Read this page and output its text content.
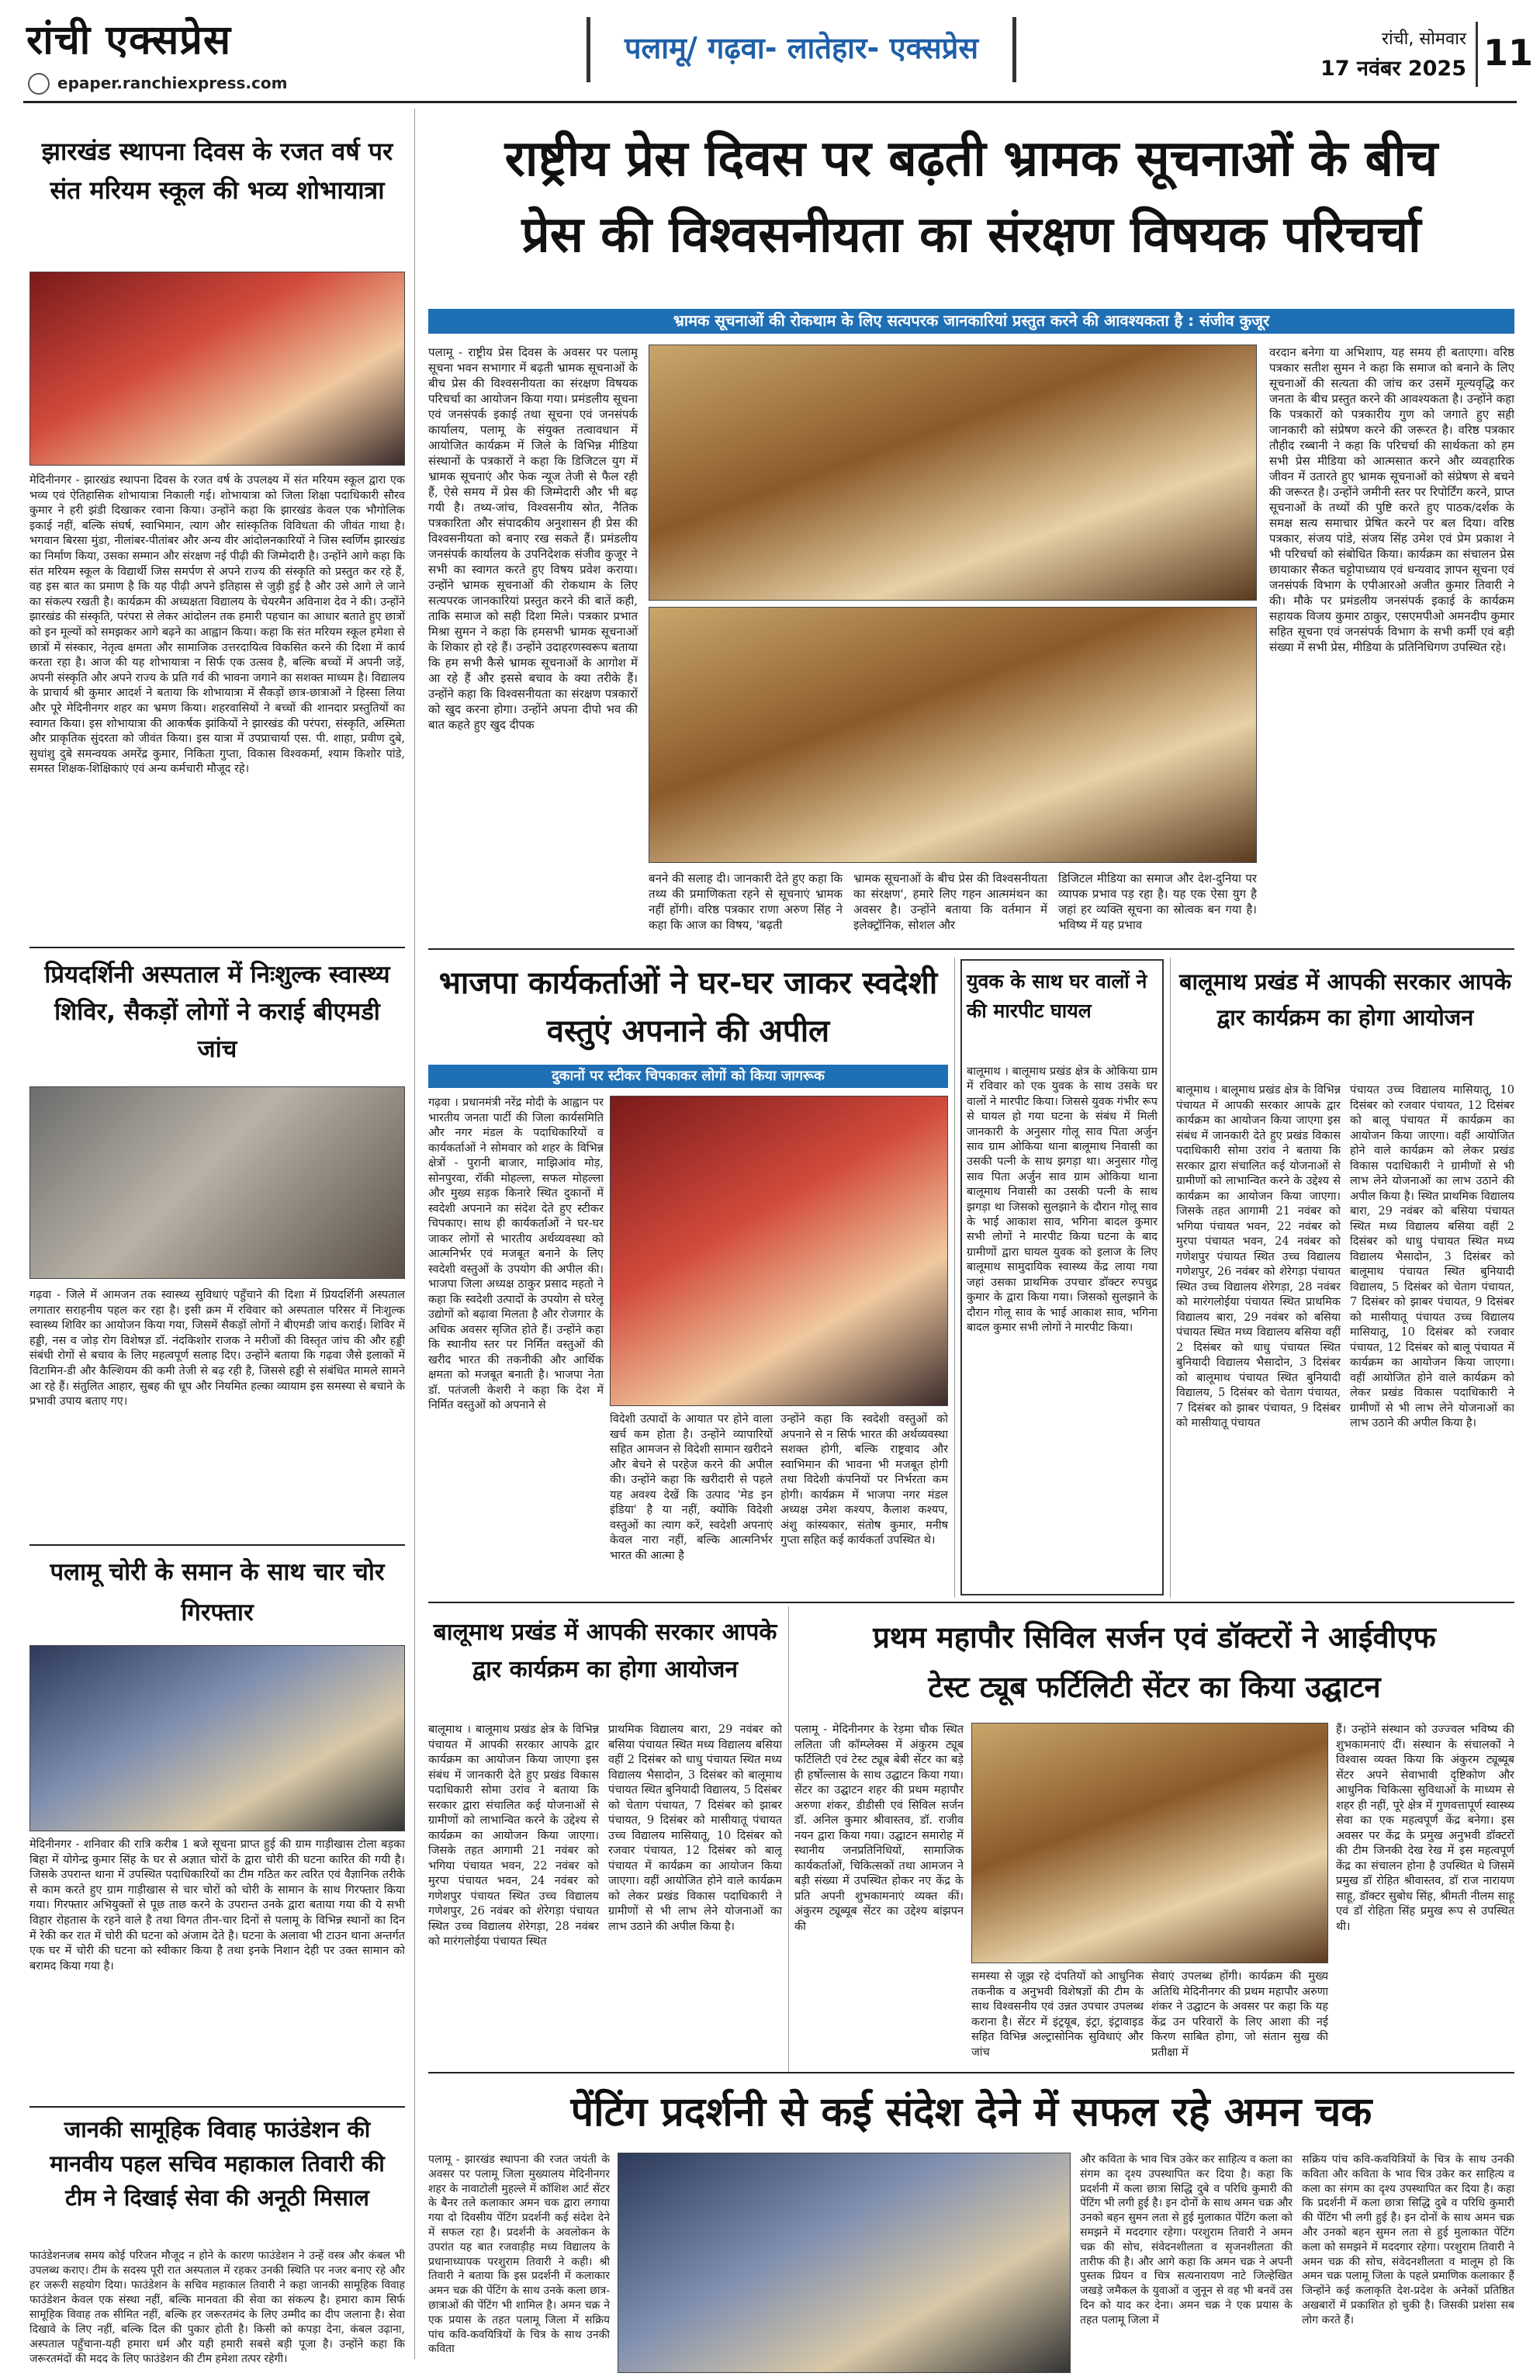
रांची एक्सप्रेस
epaper.ranchiexpress.com
पलामू/ गढ़वा- लातेहार- एक्सप्रेस	रांची, सोमवार
17 नवंबर 2025 11
झारखंड स्थापना दिवस के रजत वर्ष पर संत मरियम स्कूल की भव्य शोभायात्रा
मेदिनीनगर - झारखंड स्थापना दिवस के रजत वर्ष के उपलक्ष्य में संत मरियम स्कूल द्वारा एक भव्य एवं ऐतिहासिक शोभायात्रा निकाली गई। शोभायात्रा को जिला शिक्षा पदाधिकारी सौरव कुमार ने हरी झंडी दिखाकर रवाना किया। उन्होंने कहा कि झारखंड केवल एक भौगोलिक इकाई नहीं, बल्कि संघर्ष, स्वाभिमान, त्याग और सांस्कृतिक विविधता की जीवंत गाथा है। भगवान बिरसा मुंडा, नीलांबर-पीतांबर और अन्य वीर आंदोलनकारियों ने जिस स्वर्णिम झारखंड का निर्माण किया, उसका सम्मान और संरक्षण नई पीढ़ी की जिम्मेदारी है। उन्होंने आगे कहा कि संत मरियम स्कूल के विद्यार्थी जिस समर्पण से अपने राज्य की संस्कृति को प्रस्तुत कर रहे हैं, वह इस बात का प्रमाण है कि यह पीढ़ी अपने इतिहास से जुड़ी हुई है और उसे आगे ले जाने का संकल्प रखती है। कार्यक्रम की अध्यक्षता विद्यालय के चेयरमैन अविनाश देव ने की। उन्होंने झारखंड की संस्कृति, परंपरा से लेकर आंदोलन तक हमारी पहचान का आधार बताते हुए छात्रों को इन मूल्यों को समझकर आगे बढ़ने का आह्वान किया। कहा कि संत मरियम स्कूल हमेशा से छात्रों में संस्कार, नेतृत्व क्षमता और सामाजिक उत्तरदायित्व विकसित करने की दिशा में कार्य करता रहा है। आज की यह शोभायात्रा न सिर्फ एक उत्सव है, बल्कि बच्चों में अपनी जड़ें, अपनी संस्कृति और अपने राज्य के प्रति गर्व की भावना जगाने का सशक्त माध्यम है। विद्यालय के प्राचार्य श्री कुमार आदर्श ने बताया कि शोभायात्रा में सैकड़ों छात्र-छात्राओं ने हिस्सा लिया और पूरे मेदिनीनगर शहर का भ्रमण किया। शहरवासियों ने बच्चों की शानदार प्रस्तुतियों का स्वागत किया। इस शोभायात्रा की आकर्षक झांकियों ने झारखंड की परंपरा, संस्कृति, अस्मिता और प्राकृतिक सुंदरता को जीवंत किया। इस यात्रा में उपप्राचार्या एस. पी. शाहा, प्रवीण दुबे, सुधांशु दुबे समन्वयक अमरेंद्र कुमार, निकिता गुप्ता, विकास विश्वकर्मा, श्याम किशोर पांडे, समस्त शिक्षक-शिक्षिकाएं एवं अन्य कर्मचारी मौजूद रहे।
प्रियदर्शिनी अस्पताल में निःशुल्क स्वास्थ्य शिविर, सैकड़ों लोगों ने कराई बीएमडी जांच
गढ़वा - जिले में आमजन तक स्वास्थ्य सुविधाएं पहुँचाने की दिशा में प्रियदर्शिनी अस्पताल लगातार सराहनीय पहल कर रहा है। इसी क्रम में रविवार को अस्पताल परिसर में निःशुल्क स्वास्थ्य शिविर का आयोजन किया गया, जिसमें सैकड़ों लोगों ने बीएमडी जांच कराई। शिविर में हड्डी, नस व जोड़ रोग विशेषज्ञ डॉ. नंदकिशोर राजक ने मरीजों की विस्तृत जांच की और हड्डी संबंधी रोगों से बचाव के लिए महत्वपूर्ण सलाह दिए। उन्होंने बताया कि गढ़वा जैसे इलाकों में विटामिन-डी और कैल्शियम की कमी तेजी से बढ़ रही है, जिससे हड्डी से संबंधित मामले सामने आ रहे हैं। संतुलित आहार, सुबह की धूप और नियमित हल्का व्यायाम इस समस्या से बचाने के प्रभावी उपाय बताए गए।
पलामू चोरी के समान के साथ चार चोर गिरफ्तार
मेदिनीनगर - शनिवार की रात्रि करीब 1 बजे सूचना प्राप्त हुई की ग्राम गाड़ीखास टोला बड़का बिहा में योगेन्द्र कुमार सिंह के घर से अज्ञात चोरों के द्वारा चोरी की घटना कारित की गयी है। जिसके उपरान्त थाना में उपस्थित पदाधिकारियों का टीम गठित कर त्वरित एवं वैज्ञानिक तरीके से काम करते हुए ग्राम गाड़ीखास से चार चोरों को चोरी के सामान के साथ गिरफ्तार किया गया। गिरफ्तार अभियुक्तों से पूछ ताछ करने के उपरान्त उनके द्वारा बताया गया की ये सभी विहार रोहतास के रहने वाले है तथा विगत तीन-चार दिनों से पलामू के विभिन्न स्थानों का दिन में रेकी कर रात में चोरी की घटना को अंजाम देते है। घटना के अलावा भी टाउन थाना अन्तर्गत एक घर में चोरी की घटना को स्वीकार किया है तथा इनके निशान देही पर उक्त सामान को बरामद किया गया है।
जानकी सामूहिक विवाह फाउंडेशन की मानवीय पहल सचिव महाकाल तिवारी की टीम ने दिखाई सेवा की अनूठी मिसाल
फाउंडेशनजब समय कोई परिजन मौजूद न होने के कारण फाउंडेशन ने उन्हें वस्त्र और कंबल भी उपलब्ध कराए। टीम के सदस्य पूरी रात अस्पताल में रहकर उनकी स्थिति पर नजर बनाए रहे और हर जरूरी सहयोग दिया। फाउंडेशन के सचिव महाकाल तिवारी ने कहा जानकी सामूहिक विवाह फाउंडेशन केवल एक संस्था नहीं, बल्कि मानवता की सेवा का संकल्प है। हमारा काम सिर्फ सामूहिक विवाह तक सीमित नहीं, बल्कि हर जरूरतमंद के लिए उम्मीद का दीप जलाना है। सेवा दिखावे के लिए नहीं, बल्कि दिल की पुकार होती है। किसी को कपड़ा देना, कंबल उढ़ाना, अस्पताल पहुँचाना-यही हमारा धर्म और यही हमारी सबसे बड़ी पूजा है। उन्होंने कहा कि जरूरतमंदों की मदद के लिए फाउंडेशन की टीम हमेशा तत्पर रहेगी।
राष्ट्रीय प्रेस दिवस पर बढ़ती भ्रामक सूचनाओं के बीच
प्रेस की विश्वसनीयता का संरक्षण विषयक परिचर्चा
भ्रामक सूचनाओं की रोकथाम के लिए सत्यपरक जानकारियां प्रस्तुत करने की आवश्यकता है : संजीव कुजूर
पलामू - राष्ट्रीय प्रेस दिवस के अवसर पर पलामू सूचना भवन सभागार में बढ़ती भ्रामक सूचनाओं के बीच प्रेस की विश्वसनीयता का संरक्षण विषयक परिचर्चा का आयोजन किया गया। प्रमंडलीय सूचना एवं जनसंपर्क इकाई तथा सूचना एवं जनसंपर्क कार्यालय, पलामू के संयुक्त तत्वावधान में आयोजित कार्यक्रम में जिले के विभिन्न मीडिया संस्थानों के पत्रकारों ने कहा कि डिजिटल युग में भ्रामक सूचनाएं और फेक न्यूज तेजी से फैल रही हैं, ऐसे समय में प्रेस की जिम्मेदारी और भी बढ़ गयी है। तथ्य-जांच, विश्वसनीय स्रोत, नैतिक पत्रकारिता और संपादकीय अनुशासन ही प्रेस की विश्वसनीयता को बनाए रख सकते हैं। प्रमंडलीय जनसंपर्क कार्यालय के उपनिदेशक संजीव कुजूर ने सभी का स्वागत करते हुए विषय प्रवेश कराया। उन्होंने भ्रामक सूचनाओं की रोकथाम के लिए सत्यपरक जानकारियां प्रस्तुत करने की बातें कही, ताकि समाज को सही दिशा मिले। पत्रकार प्रभात मिश्रा सुमन ने कहा कि हमसभी भ्रामक सूचनाओं के शिकार हो रहे हैं। उन्होंने उदाहरणस्वरूप बताया कि हम सभी कैसे भ्रामक सूचनाओं के आगोश में आ रहे हैं और इससे बचाव के क्या तरीके हैं। उन्होंने कहा कि विश्वसनीयता का संरक्षण पत्रकारों को खुद करना होगा। उन्होंने अपना दीपो भव की बात कहते हुए खुद दीपक
बनने की सलाह दी। जानकारी देते हुए कहा कि तथ्य की प्रमाणिकता रहने से सूचनाएं भ्रामक नहीं होंगी। वरिष्ठ पत्रकार राणा अरुण सिंह ने कहा कि आज का विषय, 'बढ़ती
भ्रामक सूचनाओं के बीच प्रेस की विश्वसनीयता का संरक्षण', हमारे लिए गहन आत्ममंथन का अवसर है। उन्होंने बताया कि वर्तमान में इलेक्ट्रॉनिक, सोशल और
डिजिटल मीडिया का समाज और देश-दुनिया पर व्यापक प्रभाव पड़ रहा है। यह एक ऐसा युग है जहां हर व्यक्ति सूचना का स्रोत्वक बन गया है। भविष्य में यह प्रभाव
वरदान बनेगा या अभिशाप, यह समय ही बताएगा। वरिष्ठ पत्रकार सतीश सुमन ने कहा कि समाज को बनाने के लिए सूचनाओं की सत्यता की जांच कर उसमें मूल्यवृद्धि कर जनता के बीच प्रस्तुत करने की आवश्यकता है। उन्होंने कहा कि पत्रकारों को पत्रकारीय गुण को जगाते हुए सही जानकारी को संप्रेषण करने की जरूरत है। वरिष्ठ पत्रकार तौहीद रब्बानी ने कहा कि परिचर्चा की सार्थकता को हम सभी प्रेस मीडिया को आत्मसात करने और व्यवहारिक जीवन में उतारते हुए भ्रामक सूचनाओं को संप्रेषण से बचने की जरूरत है। उन्होंने जमीनी स्तर पर रिपोर्टिंग करने, प्राप्त सूचनाओं के तथ्यों की पुष्टि करते हुए पाठक/दर्शक के समक्ष सत्य समाचार प्रेषित करने पर बल दिया। वरिष्ठ पत्रकार, संजय पांडे, संजय सिंह उमेश एवं प्रेम प्रकाश ने भी परिचर्चा को संबोधित किया। कार्यक्रम का संचालन प्रेस छायाकार सैकत चट्टोपाध्याय एवं धन्यवाद ज्ञापन सूचना एवं जनसंपर्क विभाग के एपीआरओ अजीत कुमार तिवारी ने की। मौके पर प्रमंडलीय जनसंपर्क इकाई के कार्यक्रम सहायक विजय कुमार ठाकुर, एसएमपीओ अमनदीप कुमार सहित सूचना एवं जनसंपर्क विभाग के सभी कर्मी एवं बड़ी संख्या में सभी प्रेस, मीडिया के प्रतिनिधिगण उपस्थित रहे।
भाजपा कार्यकर्ताओं ने घर-घर जाकर स्वदेशी वस्तुएं अपनाने की अपील
दुकानों पर स्टीकर चिपकाकर लोगों को किया जागरूक
गढ़वा । प्रधानमंत्री नरेंद्र मोदी के आह्वान पर भारतीय जनता पार्टी की जिला कार्यसमिति और नगर मंडल के पदाधिकारियों व कार्यकर्ताओं ने सोमवार को शहर के विभिन्न क्षेत्रों - पुरानी बाजार, माझिआंव मोड़, सोनपुरवा, रॉकी मोहल्ला, सफल मोहल्ला और मुख्य सड़क किनारे स्थित दुकानों में स्वदेशी अपनाने का संदेश देते हुए स्टीकर चिपकाए। साथ ही कार्यकर्ताओं ने घर-घर जाकर लोगों से भारतीय अर्थव्यवस्था को आत्मनिर्भर एवं मजबूत बनाने के लिए स्वदेशी वस्तुओं के उपयोग की अपील की। भाजपा जिला अध्यक्ष ठाकुर प्रसाद महतो ने कहा कि स्वदेशी उत्पादों के उपयोग से घरेलू उद्योगों को बढ़ावा मिलता है और रोजगार के अधिक अवसर सृजित होते हैं। उन्होंने कहा कि स्थानीय स्तर पर निर्मित वस्तुओं की खरीद भारत की तकनीकी और आर्थिक क्षमता को मजबूत बनाती है। भाजपा नेता डॉ. पतंजली केशरी ने कहा कि देश में निर्मित वस्तुओं को अपनाने से
विदेशी उत्पादों के आयात पर होने वाला खर्च कम होता है। उन्होंने व्यापारियों सहित आमजन से विदेशी सामान खरीदने और बेचने से परहेज करने की अपील की। उन्होंने कहा कि खरीदारी से पहले यह अवश्य देखें कि उत्पाद 'मेड इन इंडिया' है या नहीं, क्योंकि विदेशी वस्तुओं का त्याग करें, स्वदेशी अपनाएं केवल नारा नहीं, बल्कि आत्मनिर्भर भारत की आत्मा है
उन्होंने कहा कि स्वदेशी वस्तुओं को अपनाने से न सिर्फ भारत की अर्थव्यवस्था सशक्त होगी, बल्कि राष्ट्रवाद और स्वाभिमान की भावना भी मजबूत होगी तथा विदेशी कंपनियों पर निर्भरता कम होगी। कार्यक्रम में भाजपा नगर मंडल अध्यक्ष उमेश कश्यप, कैलाश कश्यप, अंशु कांस्यकार, संतोष कुमार, मनीष गुप्ता सहित कई कार्यकर्ता उपस्थित थे।
युवक के साथ घर वालों ने की मारपीट घायल
बालूमाथ । बालूमाथ प्रखंड क्षेत्र के ओकिया ग्राम में रविवार को एक युवक के साथ उसके घर वालों ने मारपीट किया। जिससे युवक गंभीर रूप से घायल हो गया घटना के संबंध में मिली जानकारी के अनुसार गोलू साव पिता अर्जुन साव ग्राम ओकिया थाना बालूमाथ निवासी का उसकी पत्नी के साथ झगड़ा था। अनुसार गोलू साव पिता अर्जुन साव ग्राम ओकिया थाना बालूमाथ निवासी का उसकी पत्नी के साथ झगड़ा था जिसको सुलझाने के दौरान गोलू साव के भाई आकाश साव, भगिना बादल कुमार सभी लोगों ने मारपीट किया घटना के बाद ग्रामीणों द्वारा घायल युवक को इलाज के लिए बालूमाथ सामुदायिक स्वास्थ्य केंद्र लाया गया जहां उसका प्राथमिक उपचार डॉक्टर रुपचुद्र कुमार के द्वारा किया गया। जिसको सुलझाने के दौरान गोलू साव के भाई आकाश साव, भगिना बादल कुमार सभी लोगों ने मारपीट किया।
बालूमाथ प्रखंड में आपकी सरकार आपके द्वार कार्यक्रम का होगा आयोजन
बालूमाथ । बालूमाथ प्रखंड क्षेत्र के विभिन्न पंचायत में आपकी सरकार आपके द्वार कार्यक्रम का आयोजन किया जाएगा इस संबंध में जानकारी देते हुए प्रखंड विकास पदाधिकारी सोमा उरांव ने बताया कि सरकार द्वारा संचालित कई योजनाओं से ग्रामीणों को लाभान्वित करने के उद्देश्य से कार्यक्रम का आयोजन किया जाएगा। जिसके तहत आगामी 21 नवंबर को भगिया पंचायत भवन, 22 नवंबर को मुरपा पंचायत भवन, 24 नवंबर को गणेशपुर पंचायत स्थित उच्च विद्यालय गणेशपुर, 26 नवंबर को शेरेगड़ा पंचायत स्थित उच्च विद्यालय शेरेगड़ा, 28 नवंबर को मारंगलोईया पंचायत स्थित प्राथमिक विद्यालय बारा, 29 नवंबर को बसिया पंचायत स्थित मध्य विद्यालय बसिया वहीं 2 दिसंबर को धाधु पंचायत स्थित बुनियादी विद्यालय भैसादोन, 3 दिसंबर को बालूमाथ पंचायत स्थित बुनियादी विद्यालय, 5 दिसंबर को चेताग पंचायत, 7 दिसंबर को झाबर पंचायत, 9 दिसंबर को मासीयातू पंचायत
पंचायत उच्च विद्यालय मासियातू, 10 दिसंबर को रजवार पंचायत, 12 दिसंबर को बालू पंचायत में कार्यक्रम का आयोजन किया जाएगा। वहीं आयोजित होने वाले कार्यक्रम को लेकर प्रखंड विकास पदाधिकारी ने ग्रामीणों से भी लाभ लेने योजनाओं का लाभ उठाने की अपील किया है। स्थित प्राथमिक विद्यालय बारा, 29 नवंबर को बसिया पंचायत स्थित मध्य विद्यालय बसिया वहीं 2 दिसंबर को धाधु पंचायत स्थित मध्य विद्यालय भैसादोन, 3 दिसंबर को बालूमाथ पंचायत स्थित बुनियादी विद्यालय, 5 दिसंबर को चेताग पंचायत, 7 दिसंबर को झाबर पंचायत, 9 दिसंबर को मासीयातू पंचायत उच्च विद्यालय मासियातू, 10 दिसंबर को रजवार पंचायत, 12 दिसंबर को बालू पंचायत में कार्यक्रम का आयोजन किया जाएगा। वहीं आयोजित होने वाले कार्यक्रम को लेकर प्रखंड विकास पदाधिकारी ने ग्रामीणों से भी लाभ लेने योजनाओं का लाभ उठाने की अपील किया है।
बालूमाथ प्रखंड में आपकी सरकार आपके द्वार कार्यक्रम का होगा आयोजन
बालूमाथ । बालूमाथ प्रखंड क्षेत्र के विभिन्न पंचायत में आपकी सरकार आपके द्वार कार्यक्रम का आयोजन किया जाएगा इस संबंध में जानकारी देते हुए प्रखंड विकास पदाधिकारी सोमा उरांव ने बताया कि सरकार द्वारा संचालित कई योजनाओं से ग्रामीणों को लाभान्वित करने के उद्देश्य से कार्यक्रम का आयोजन किया जाएगा। जिसके तहत आगामी 21 नवंबर को भगिया पंचायत भवन, 22 नवंबर को मुरपा पंचायत भवन, 24 नवंबर को गणेशपुर पंचायत स्थित उच्च विद्यालय गणेशपुर, 26 नवंबर को शेरेगड़ा पंचायत स्थित उच्च विद्यालय शेरेगड़ा, 28 नवंबर को मारंगलोईया पंचायत स्थित
प्राथमिक विद्यालय बारा, 29 नवंबर को बसिया पंचायत स्थित मध्य विद्यालय बसिया वहीं 2 दिसंबर को धाधु पंचायत स्थित मध्य विद्यालय भैसादोन, 3 दिसंबर को बालूमाथ पंचायत स्थित बुनियादी विद्यालय, 5 दिसंबर को चेताग पंचायत, 7 दिसंबर को झाबर पंचायत, 9 दिसंबर को मासीयातू पंचायत उच्च विद्यालय मासियातू, 10 दिसंबर को रजवार पंचायत, 12 दिसंबर को बालू पंचायत में कार्यक्रम का आयोजन किया जाएगा। वहीं आयोजित होने वाले कार्यक्रम को लेकर प्रखंड विकास पदाधिकारी ने ग्रामीणों से भी लाभ लेने योजनाओं का लाभ उठाने की अपील किया है।
प्रथम महापौर सिविल सर्जन एवं डॉक्टरों ने आईवीएफ
टेस्ट ट्यूब फर्टिलिटी सेंटर का किया उद्घाटन
पलामू - मेदिनीनगर के रेड़मा चौक स्थित ललिता जी कॉम्प्लेक्स में अंकुरम ट्यूब फर्टिलिटी एवं टेस्ट ट्यूब बेबी सेंटर का बड़े ही हर्षोल्लास के साथ उद्घाटन किया गया। सेंटर का उद्घाटन शहर की प्रथम महापौर अरुणा शंकर, डीडीसी एवं सिविल सर्जन डॉ. अनिल कुमार श्रीवास्तव, डॉ. राजीव नयन द्वारा किया गया। उद्घाटन समारोह में स्थानीय जनप्रतिनिधियों, सामाजिक कार्यकर्ताओं, चिकित्सकों तथा आमजन ने बड़ी संख्या में उपस्थित होकर नए केंद्र के प्रति अपनी शुभकामनाएं व्यक्त कीं। अंकुरम ट्यूब्यूब सेंटर का उद्देश्य बांझपन की
समस्या से जूझ रहे दंपतियों को आधुनिक तकनीक व अनुभवी विशेषज्ञों की टीम के साथ विश्वसनीय एवं उन्नत उपचार उपलब्ध कराना है। सेंटर में इंट्रयूब, इंट्रा, इंट्रावाइड सहित विभिन्न अल्ट्रासोनिक सुविधाएं और जांच
सेवाएं उपलब्ध होंगी। कार्यक्रम की मुख्य अतिथि मेदिनीनगर की प्रथम महापौर अरुणा शंकर ने उद्घाटन के अवसर पर कहा कि यह केंद्र उन परिवारों के लिए आशा की नई किरण साबित होगा, जो संतान सुख की प्रतीक्षा में
हैं। उन्होंने संस्थान को उज्ज्वल भविष्य की शुभकामनाएं दीं। संस्थान के संचालकों ने विश्वास व्यक्त किया कि अंकुरम ट्यूब्यूब सेंटर अपने सेवाभावी दृष्टिकोण और आधुनिक चिकित्सा सुविधाओं के माध्यम से शहर ही नहीं, पूरे क्षेत्र में गुणवत्तापूर्ण स्वास्थ्य सेवा का एक महत्वपूर्ण केंद्र बनेगा। इस अवसर पर केंद्र के प्रमुख अनुभवी डॉक्टरों की टीम जिनकी देख रेख में इस महत्वपूर्ण केंद्र का संचालन होना है उपस्थित थे जिसमें प्रमुख डॉ रोहित श्रीवास्तव, डॉ राज नारायण साहू, डॉक्टर सुबोध सिंह, श्रीमती नीलम साहू एवं डॉ रोहिता सिंह प्रमुख रूप से उपस्थित थी।
पेंटिंग प्रदर्शनी से कई संदेश देने में सफल रहे अमन चक
पलामू - झारखंड स्थापना की रजत जयंती के अवसर पर पलामू जिला मुख्यालय मेदिनीनगर शहर के नावाटोली मुहल्ले में कॉशिश आर्ट सेंटर के बैनर तले कलाकार अमन चक द्वारा लगाया गया दो दिवसीय पेंटिंग प्रदर्शनी कई संदेश देने में सफल रहा है। प्रदर्शनी के अवलोकन के उपरांत यह बात रजवाड़ीह मध्य विद्यालय के प्रधानाध्यापक परशुराम तिवारी ने कही। श्री तिवारी ने बताया कि इस प्रदर्शनी में कलाकार अमन चक्र की पेंटिंग के साथ उनके कला छात्र-छात्राओं की पेंटिंग भी शामिल है। अमन चक्र ने एक प्रयास के तहत पलामू जिला में सक्रिय पांच कवि-कवयित्रियों के चित्र के साथ उनकी कविता
और कविता के भाव चित्र उकेर कर साहित्य व कला का संगम का दृश्य उपस्थापित कर दिया है। कहा कि प्रदर्शनी में कला छात्रा सिद्धि दुबे व परिधि कुमारी की पेंटिंग भी लगी हुई है। इन दोनों के साथ अमन चक्र और उनको बहन सुमन लता से हुई मुलाकात पेंटिंग कला को समझने में मददगार रहेगा। परशुराम तिवारी ने अमन चक्र की सोच, संवेदनशीलता व सृजनशीलता की तारीफ की है। और आगे कहा कि अमन चक्र ने अपनी पुस्तक प्रियन व चित्र सत्यनारायण नाटे जिल्हेखित जखड़े जमैकल के युवाओं व जुनून से वह भी बनवें उस दिन को याद कर देना। अमन चक्र ने एक प्रयास के तहत पलामू जिला में
सक्रिय पांच कवि-कवयित्रियों के चित्र के साथ उनकी कविता और कविता के भाव चित्र उकेर कर साहित्य व कला का संगम का दृश्य उपस्थापित कर दिया है। कहा कि प्रदर्शनी में कला छात्रा सिद्धि दुबे व परिधि कुमारी की पेंटिंग भी लगी हुई है। इन दोनों के साथ अमन चक्र और उनको बहन सुमन लता से हुई मुलाकात पेंटिंग कला को समझने में मददगार रहेगा। परशुराम तिवारी ने अमन चक्र की सोच, संवेदनशीलता व मालूम हो कि अमन चक्र पलामू जिला के पहले प्रमाणिक कलाकार हैं जिन्होंने कई कलाकृति देश-प्रदेश के अनेकों प्रतिष्ठित अखबारों में प्रकाशित हो चुकी है। जिसकी प्रशंसा सब लोग करते हैं।
